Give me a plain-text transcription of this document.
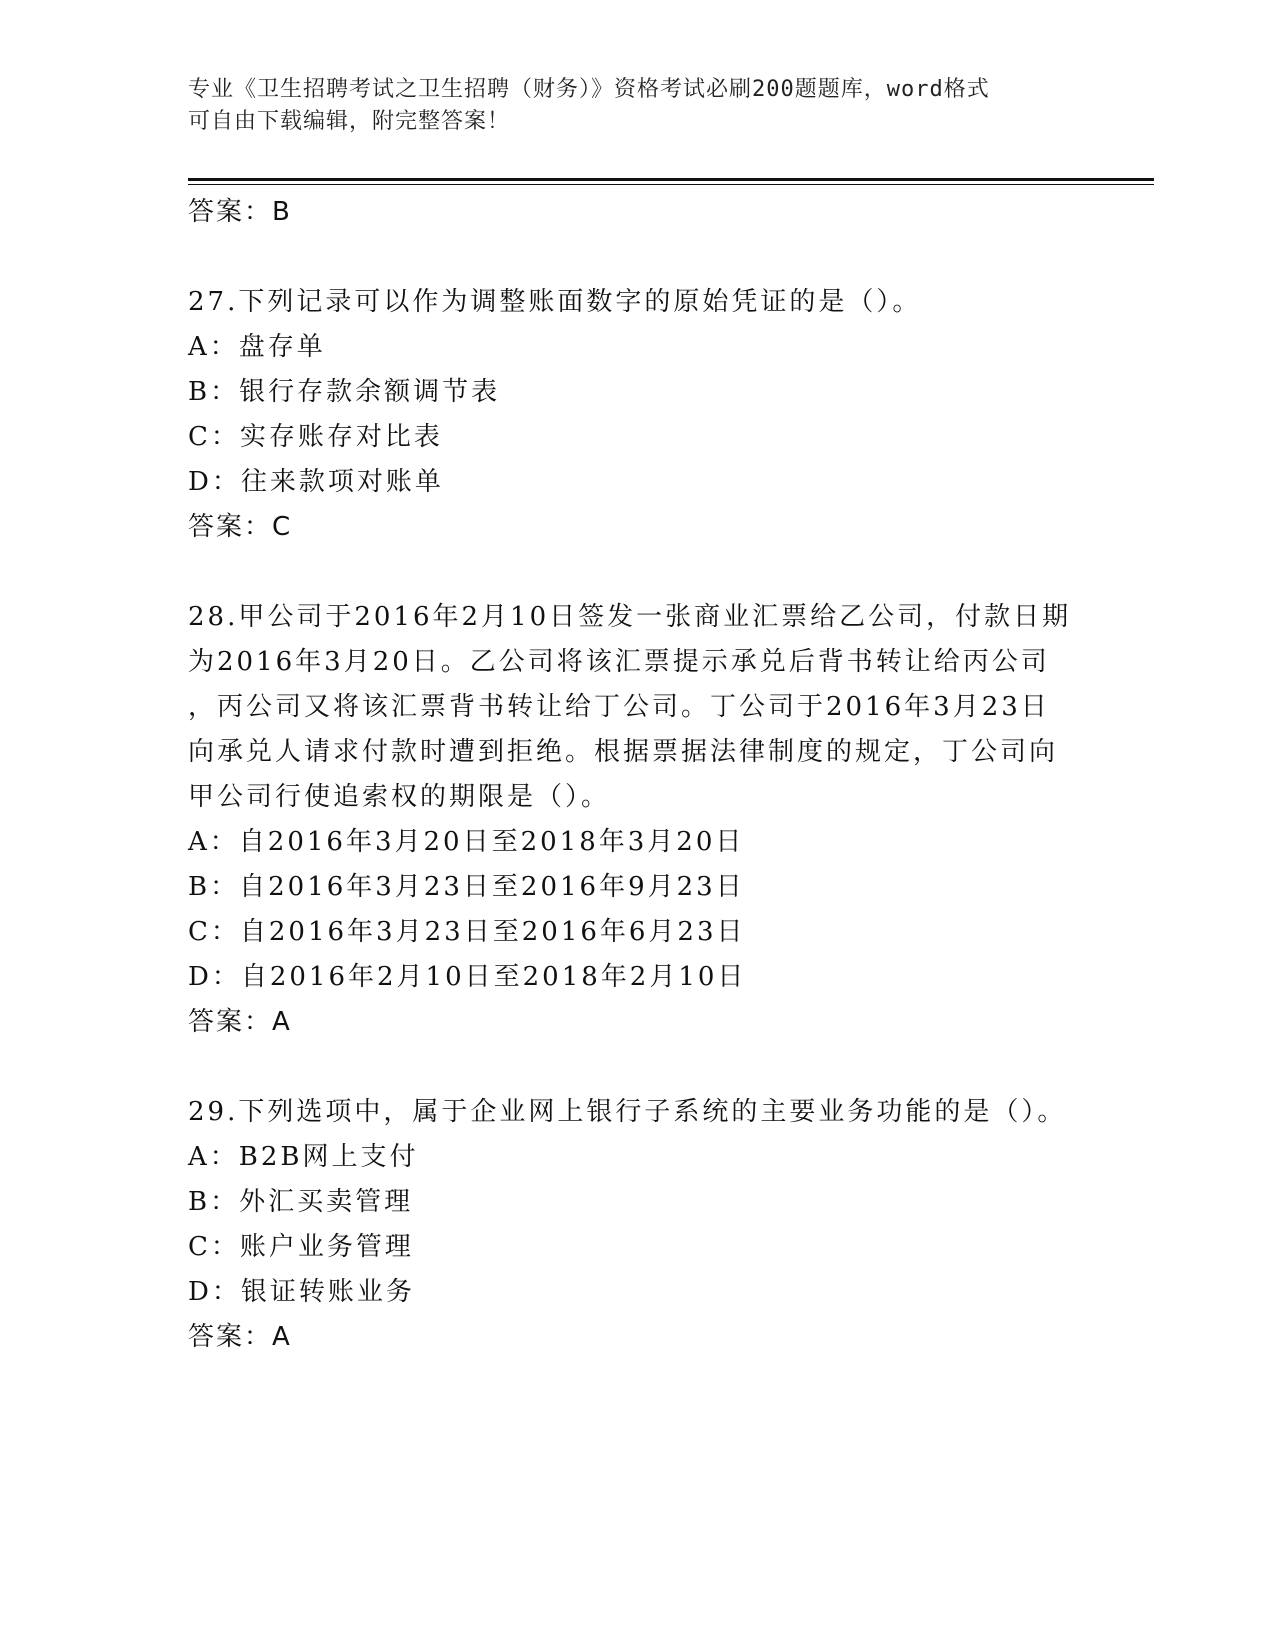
专业《卫生招聘考试之卫生招聘（财务）》资格考试必刷200题题库，word格式
可自由下载编辑，附完整答案！
答案：B
27.下列记录可以作为调整账面数字的原始凭证的是（）。
A：盘存单
B：银行存款余额调节表
C：实存账存对比表
D：往来款项对账单
答案：C
28.甲公司于2016年2月10日签发一张商业汇票给乙公司，付款日期
为2016年3月20日。乙公司将该汇票提示承兑后背书转让给丙公司
，丙公司又将该汇票背书转让给丁公司。丁公司于2016年3月23日
向承兑人请求付款时遭到拒绝。根据票据法律制度的规定，丁公司向
甲公司行使追索权的期限是（）。
A：自2016年3月20日至2018年3月20日
B：自2016年3月23日至2016年9月23日
C：自2016年3月23日至2016年6月23日
D：自2016年2月10日至2018年2月10日
答案：A
29.下列选项中，属于企业网上银行子系统的主要业务功能的是（）。
A：B2B网上支付
B：外汇买卖管理
C：账户业务管理
D：银证转账业务
答案：A
